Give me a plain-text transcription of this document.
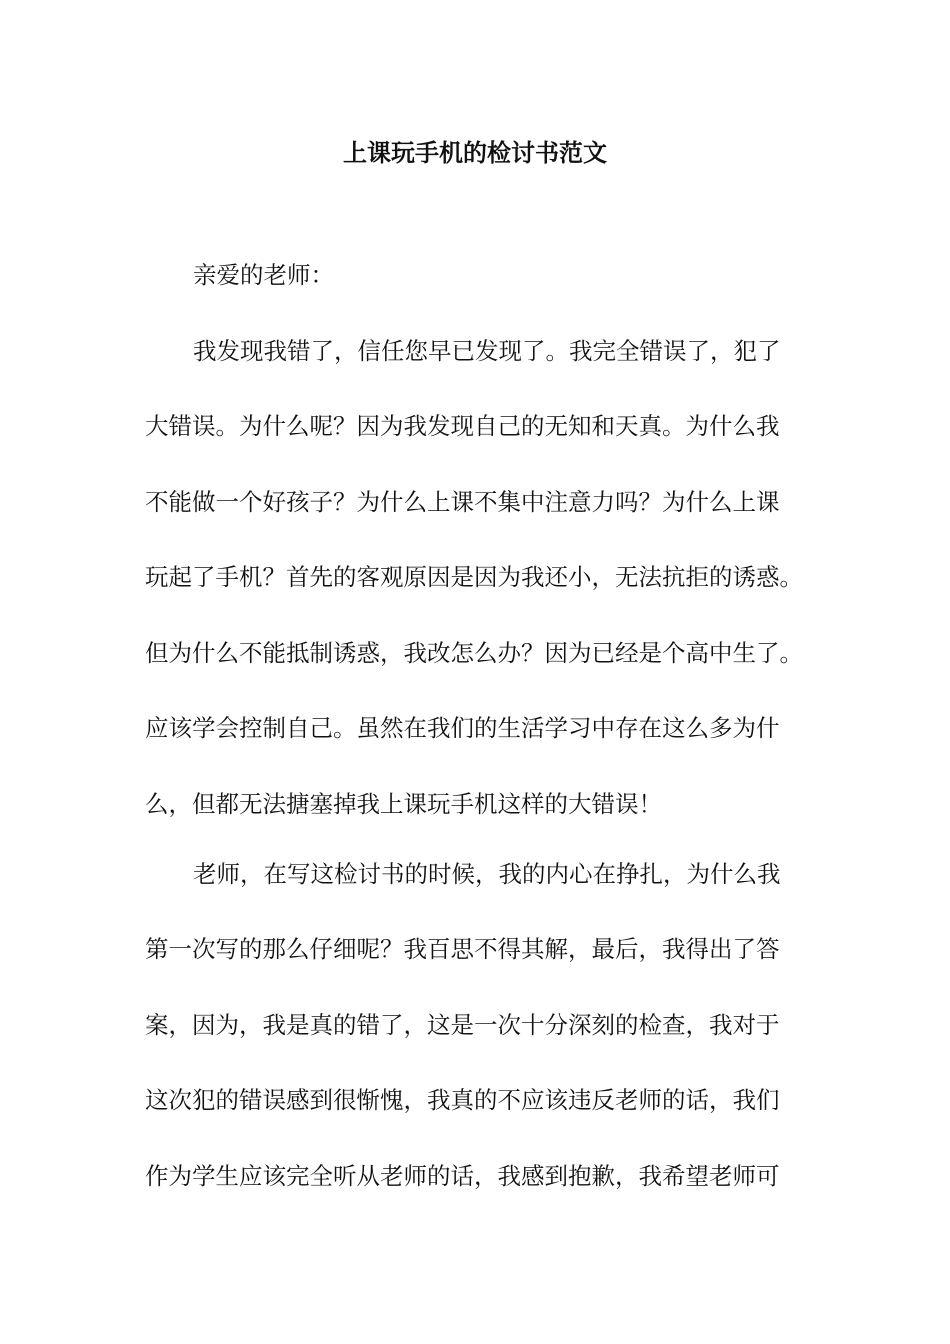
上课玩手机的检讨书范文
亲爱的老师：
我发现我错了，信任您早已发现了。我完全错误了，犯了
大错误。为什么呢？因为我发现自己的无知和天真。为什么我
不能做一个好孩子？为什么上课不集中注意力吗？为什么上课
玩起了手机？首先的客观原因是因为我还小，无法抗拒的诱惑。
但为什么不能抵制诱惑，我改怎么办？因为已经是个高中生了。
应该学会控制自己。虽然在我们的生活学习中存在这么多为什
么，但都无法搪塞掉我上课玩手机这样的大错误！
老师，在写这检讨书的时候，我的内心在挣扎，为什么我
第一次写的那么仔细呢？我百思不得其解，最后，我得出了答
案，因为，我是真的错了，这是一次十分深刻的检查，我对于
这次犯的错误感到很惭愧，我真的不应该违反老师的话，我们
作为学生应该完全听从老师的话，我感到抱歉，我希望老师可
